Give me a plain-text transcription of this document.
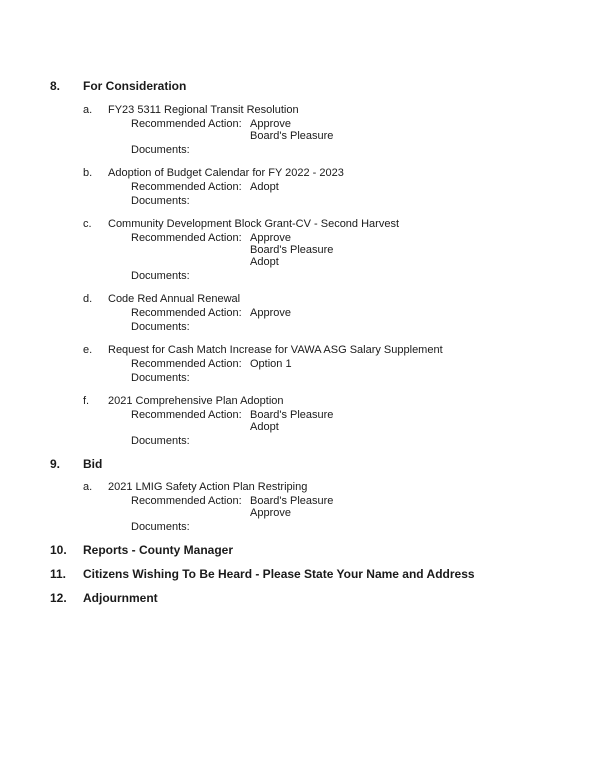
8. For Consideration
a. FY23 5311 Regional Transit Resolution
Recommended Action: Approve
Board's Pleasure
Documents:
b. Adoption of Budget Calendar for FY 2022 - 2023
Recommended Action: Adopt
Documents:
c. Community Development Block Grant-CV - Second Harvest
Recommended Action: Approve
Board's Pleasure
Adopt
Documents:
d. Code Red Annual Renewal
Recommended Action: Approve
Documents:
e. Request for Cash Match Increase for VAWA ASG Salary Supplement
Recommended Action: Option 1
Documents:
f. 2021 Comprehensive Plan Adoption
Recommended Action: Board's Pleasure
Adopt
Documents:
9. Bid
a. 2021 LMIG Safety Action Plan Restriping
Recommended Action: Board's Pleasure
Approve
Documents:
10. Reports - County Manager
11. Citizens Wishing To Be Heard - Please State Your Name and Address
12. Adjournment
